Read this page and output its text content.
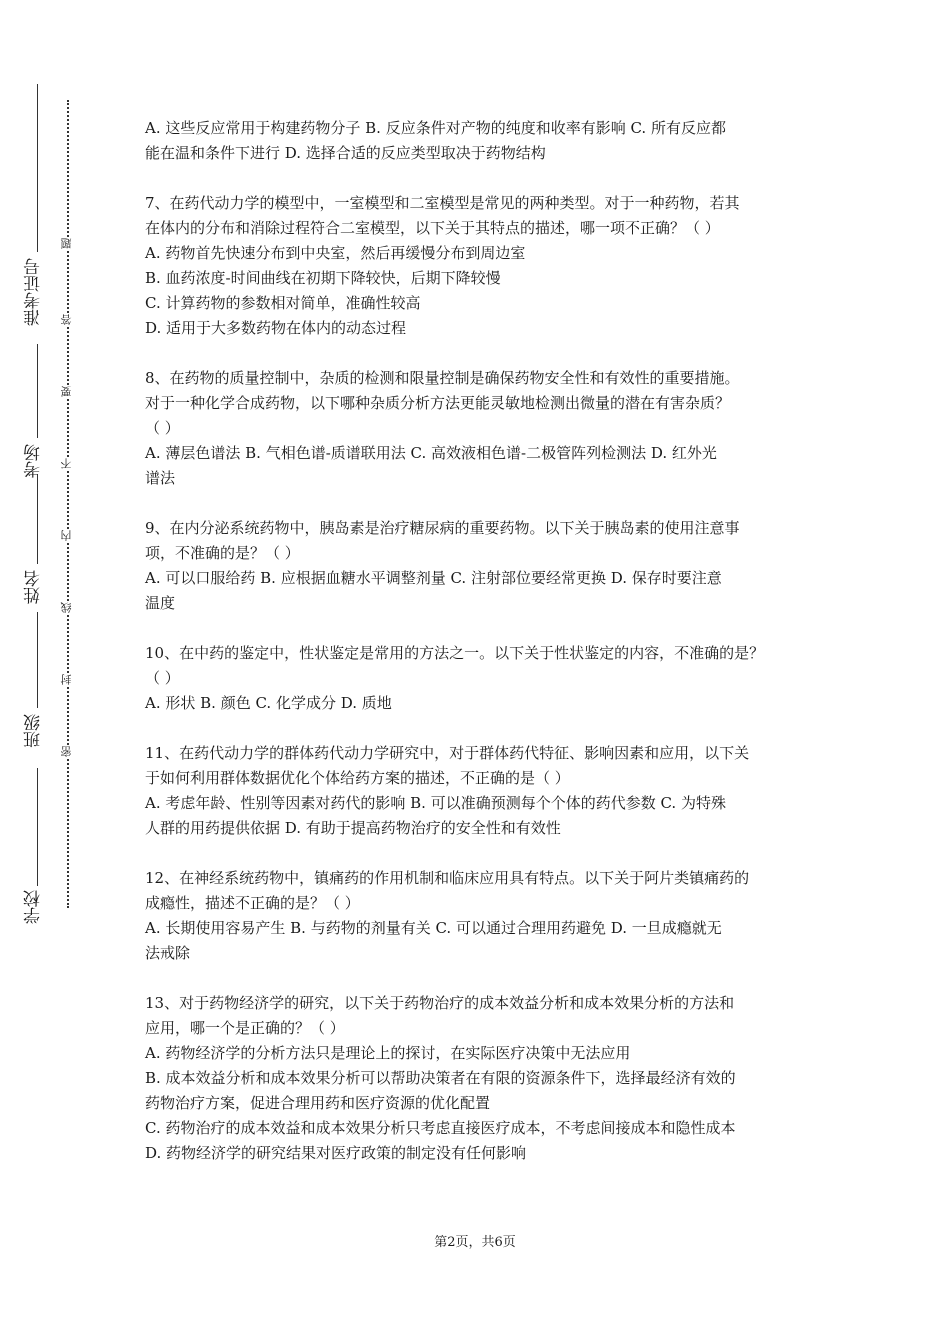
准考证号
考场
姓名
班级
学校
题
答
要
不
内
线
封
密
A. 这些反应常用于构建药物分子 B. 反应条件对产物的纯度和收率有影响 C. 所有反应都
能在温和条件下进行 D. 选择合适的反应类型取决于药物结构
7、在药代动力学的模型中，一室模型和二室模型是常见的两种类型。对于一种药物，若其
在体内的分布和消除过程符合二室模型，以下关于其特点的描述，哪一项不正确？（ ）
A. 药物首先快速分布到中央室，然后再缓慢分布到周边室
B. 血药浓度-时间曲线在初期下降较快，后期下降较慢
C. 计算药物的参数相对简单，准确性较高
D. 适用于大多数药物在体内的动态过程
8、在药物的质量控制中，杂质的检测和限量控制是确保药物安全性和有效性的重要措施。
对于一种化学合成药物，以下哪种杂质分析方法更能灵敏地检测出微量的潜在有害杂质？
（ ）
A. 薄层色谱法 B. 气相色谱-质谱联用法 C. 高效液相色谱-二极管阵列检测法 D. 红外光
谱法
9、在内分泌系统药物中，胰岛素是治疗糖尿病的重要药物。以下关于胰岛素的使用注意事
项，不准确的是？（ ）
A. 可以口服给药 B. 应根据血糖水平调整剂量 C. 注射部位要经常更换 D. 保存时要注意
温度
10、在中药的鉴定中，性状鉴定是常用的方法之一。以下关于性状鉴定的内容，不准确的是？
（ ）
A. 形状 B. 颜色 C. 化学成分 D. 质地
11、在药代动力学的群体药代动力学研究中，对于群体药代特征、影响因素和应用，以下关
于如何利用群体数据优化个体给药方案的描述，不正确的是（ ）
A. 考虑年龄、性别等因素对药代的影响 B. 可以准确预测每个个体的药代参数 C. 为特殊
人群的用药提供依据 D. 有助于提高药物治疗的安全性和有效性
12、在神经系统药物中，镇痛药的作用机制和临床应用具有特点。以下关于阿片类镇痛药的
成瘾性，描述不正确的是？（ ）
A. 长期使用容易产生 B. 与药物的剂量有关 C. 可以通过合理用药避免 D. 一旦成瘾就无
法戒除
13、对于药物经济学的研究，以下关于药物治疗的成本效益分析和成本效果分析的方法和
应用，哪一个是正确的？（ ）
A. 药物经济学的分析方法只是理论上的探讨，在实际医疗决策中无法应用
B. 成本效益分析和成本效果分析可以帮助决策者在有限的资源条件下，选择最经济有效的
药物治疗方案，促进合理用药和医疗资源的优化配置
C. 药物治疗的成本效益和成本效果分析只考虑直接医疗成本，不考虑间接成本和隐性成本
D. 药物经济学的研究结果对医疗政策的制定没有任何影响
第2页，共6页
